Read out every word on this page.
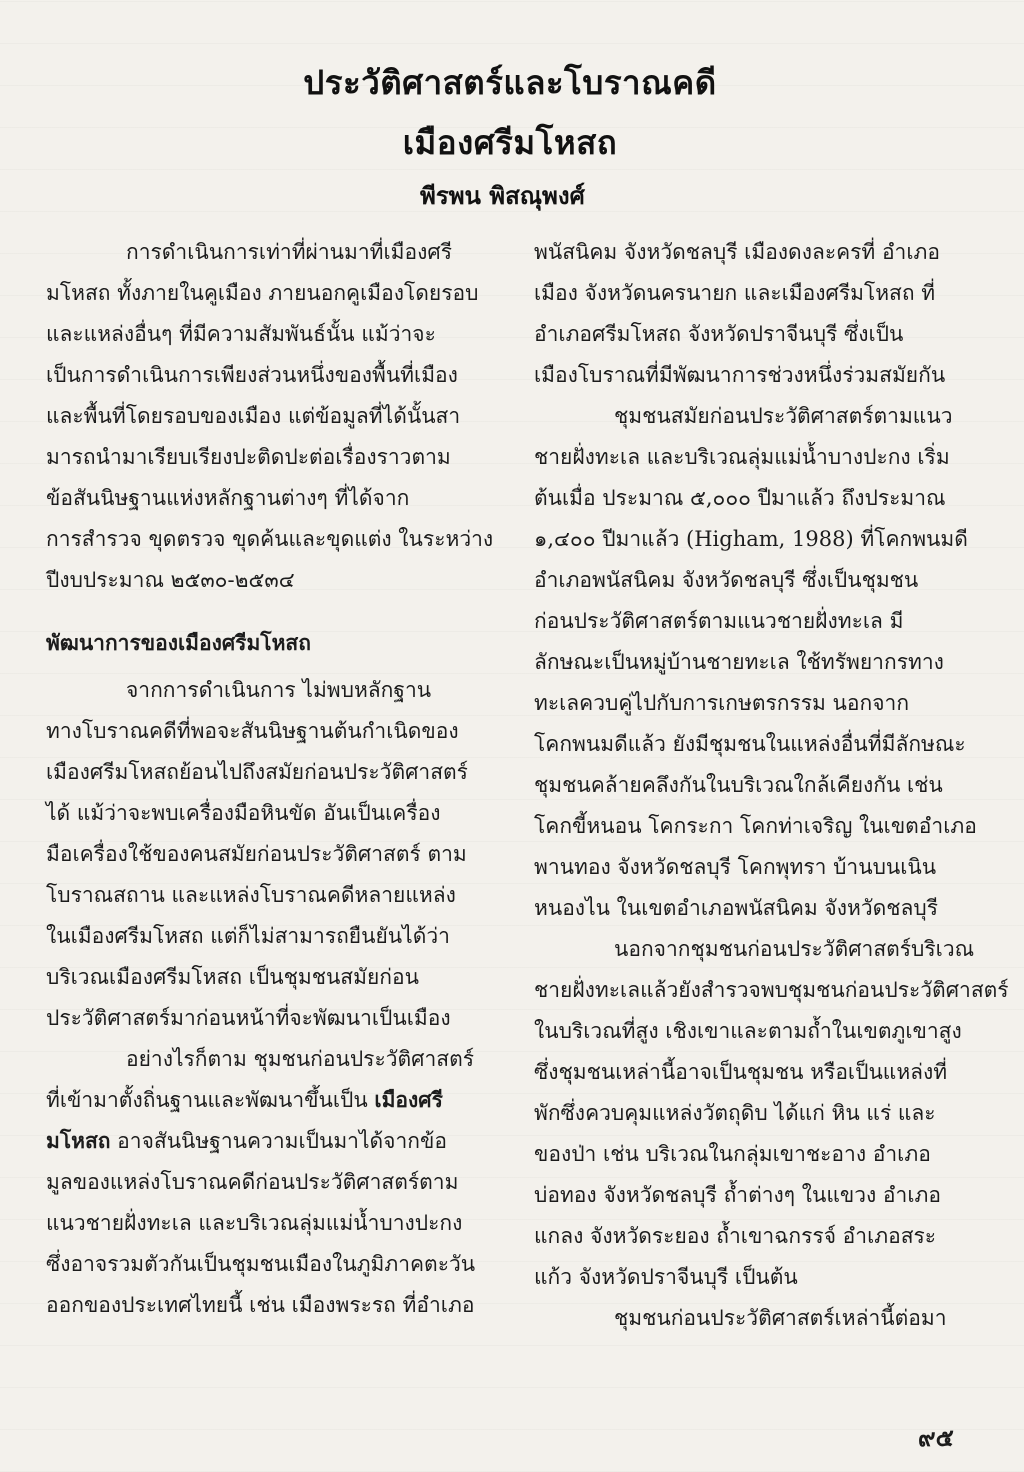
ประวัติศาสตร์และโบราณคดี
เมืองศรีมโหสถ
พีรพน พิสณุพงศ์
การดำเนินการเท่าที่ผ่านมาที่เมืองศรี
มโหสถ ทั้งภายในคูเมือง ภายนอกคูเมืองโดยรอบ
และแหล่งอื่นๆ ที่มีความสัมพันธ์นั้น แม้ว่าจะ
เป็นการดำเนินการเพียงส่วนหนึ่งของพื้นที่เมือง
และพื้นที่โดยรอบของเมือง แต่ข้อมูลที่ได้นั้นสา
มารถนำมาเรียบเรียงปะติดปะต่อเรื่องราวตาม
ข้อสันนิษฐานแห่งหลักฐานต่างๆ ที่ได้จาก
การสำรวจ ขุดตรวจ ขุดค้นและขุดแต่ง ในระหว่าง
ปีงบประมาณ ๒๕๓๐-๒๕๓๔
พัฒนาการของเมืองศรีมโหสถ
จากการดำเนินการ ไม่พบหลักฐาน
ทางโบราณคดีที่พอจะสันนิษฐานต้นกำเนิดของ
เมืองศรีมโหสถย้อนไปถึงสมัยก่อนประวัติศาสตร์
ได้ แม้ว่าจะพบเครื่องมือหินขัด อันเป็นเครื่อง
มือเครื่องใช้ของคนสมัยก่อนประวัติศาสตร์ ตาม
โบราณสถาน และแหล่งโบราณคดีหลายแหล่ง
ในเมืองศรีมโหสถ แต่ก็ไม่สามารถยืนยันได้ว่า
บริเวณเมืองศรีมโหสถ เป็นชุมชนสมัยก่อน
ประวัติศาสตร์มาก่อนหน้าที่จะพัฒนาเป็นเมือง
อย่างไรก็ตาม ชุมชนก่อนประวัติศาสตร์
ที่เข้ามาตั้งถิ่นฐานและพัฒนาขึ้นเป็น เมืองศรี
มโหสถ อาจสันนิษฐานความเป็นมาได้จากข้อ
มูลของแหล่งโบราณคดีก่อนประวัติศาสตร์ตาม
แนวชายฝั่งทะเล และบริเวณลุ่มแม่น้ำบางปะกง
ซึ่งอาจรวมตัวกันเป็นชุมชนเมืองในภูมิภาคตะวัน
ออกของประเทศไทยนี้ เช่น เมืองพระรถ ที่อำเภอ
พนัสนิคม จังหวัดชลบุรี เมืองดงละครที่ อำเภอ
เมือง จังหวัดนครนายก และเมืองศรีมโหสถ ที่
อำเภอศรีมโหสถ จังหวัดปราจีนบุรี ซึ่งเป็น
เมืองโบราณที่มีพัฒนาการช่วงหนึ่งร่วมสมัยกัน
ชุมชนสมัยก่อนประวัติศาสตร์ตามแนว
ชายฝั่งทะเล และบริเวณลุ่มแม่น้ำบางปะกง เริ่ม
ต้นเมื่อ ประมาณ ๕,๐๐๐ ปีมาแล้ว ถึงประมาณ
๑,๔๐๐ ปีมาแล้ว (Higham, 1988) ที่โคกพนมดี
อำเภอพนัสนิคม จังหวัดชลบุรี ซึ่งเป็นชุมชน
ก่อนประวัติศาสตร์ตามแนวชายฝั่งทะเล มี
ลักษณะเป็นหมู่บ้านชายทะเล ใช้ทรัพยากรทาง
ทะเลควบคู่ไปกับการเกษตรกรรม นอกจาก
โคกพนมดีแล้ว ยังมีชุมชนในแหล่งอื่นที่มีลักษณะ
ชุมชนคล้ายคลึงกันในบริเวณใกล้เคียงกัน เช่น
โคกขี้หนอน โคกระกา โคกท่าเจริญ ในเขตอำเภอ
พานทอง จังหวัดชลบุรี โคกพุทรา บ้านบนเนิน
หนองไน ในเขตอำเภอพนัสนิคม จังหวัดชลบุรี
นอกจากชุมชนก่อนประวัติศาสตร์บริเวณ
ชายฝั่งทะเลแล้วยังสำรวจพบชุมชนก่อนประวัติศาสตร์
ในบริเวณที่สูง เชิงเขาและตามถ้ำในเขตภูเขาสูง
ซึ่งชุมชนเหล่านี้อาจเป็นชุมชน หรือเป็นแหล่งที่
พักซึ่งควบคุมแหล่งวัตถุดิบ ได้แก่ หิน แร่ และ
ของป่า เช่น บริเวณในกลุ่มเขาชะอาง อำเภอ
บ่อทอง จังหวัดชลบุรี ถ้ำต่างๆ ในแขวง อำเภอ
แกลง จังหวัดระยอง ถ้ำเขาฉกรรจ์ อำเภอสระ
แก้ว จังหวัดปราจีนบุรี เป็นต้น
ชุมชนก่อนประวัติศาสตร์เหล่านี้ต่อมา
๙๕
